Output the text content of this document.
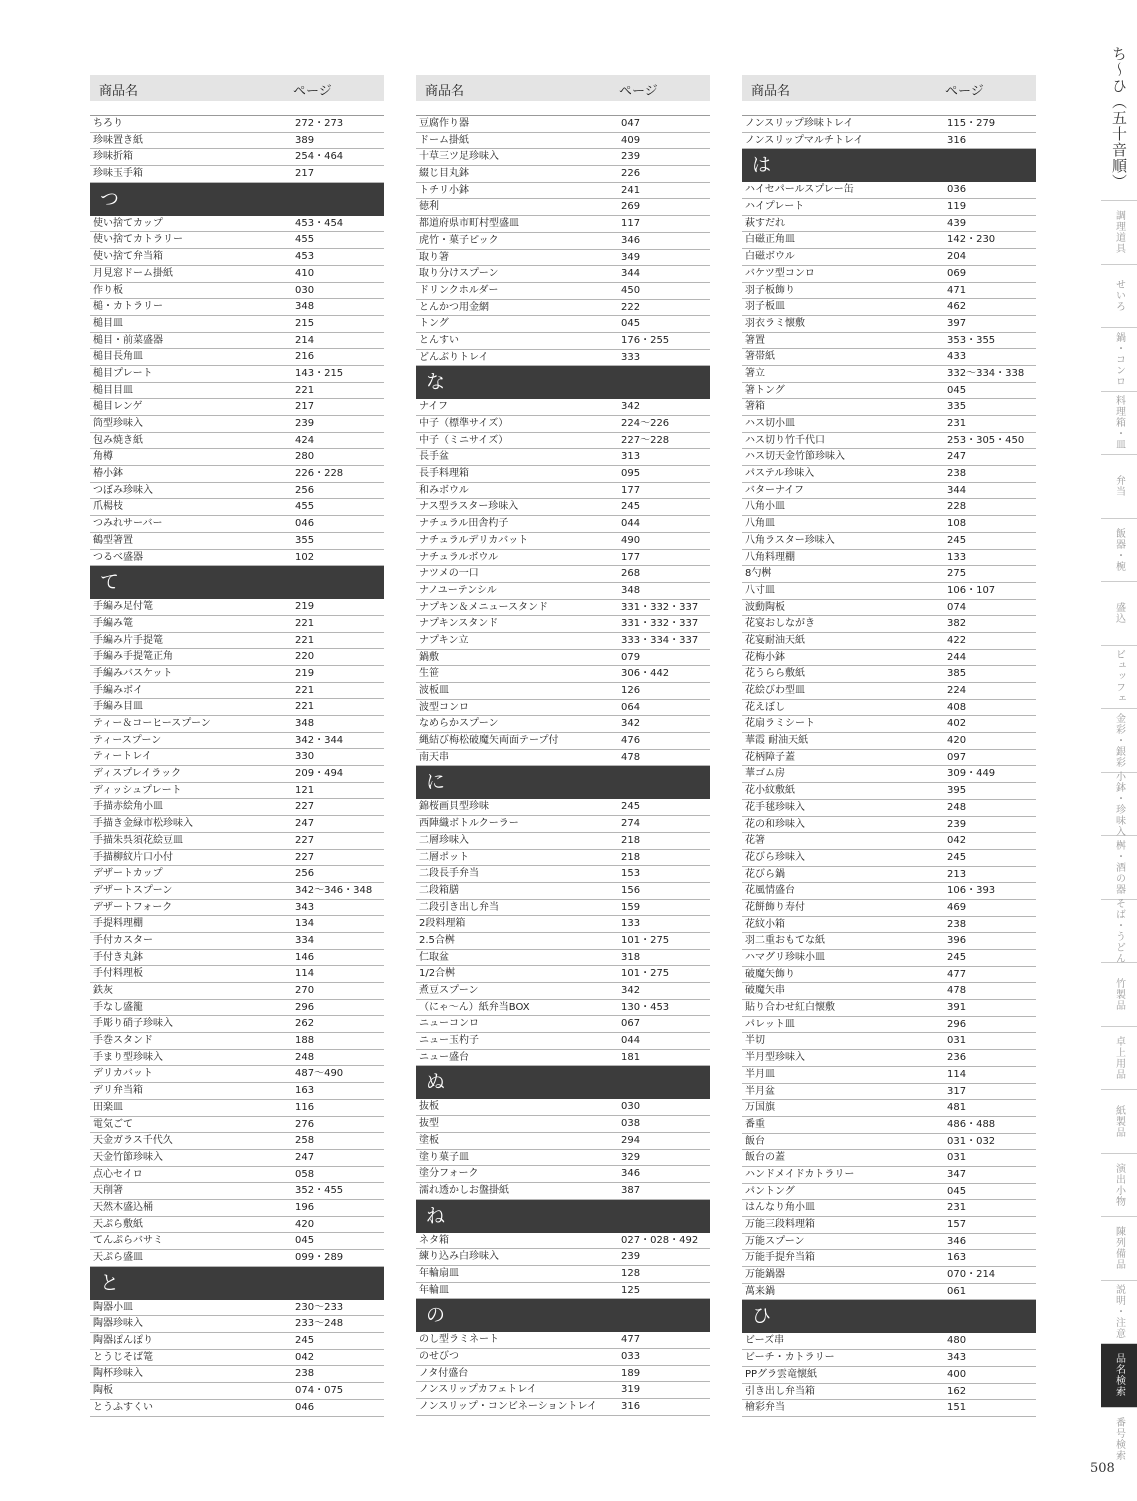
商品名	ページ
ちろり	272・273
珍味置き紙	389
珍味折箱	254・464
珍味玉手箱	217
つ
使い捨てカップ	453・454
使い捨てカトラリー	455
使い捨て弁当箱	453
月見窓ドーム掛紙	410
作り板	030
槌・カトラリー	348
槌目皿	215
槌目・前菜盛器	214
槌目長角皿	216
槌目プレート	143・215
槌目目皿	221
槌目レンゲ	217
筒型珍味入	239
包み焼き紙	424
角樽	280
椿小鉢	226・228
つぼみ珍味入	256
爪楊枝	455
つみれサーバー	046
鶴型箸置	355
つるべ盛器	102
て
手編み足付篭	219
手編み篭	221
手編み片手提篭	221
手編み手提篭正角	220
手編みバスケット	219
手編みボイ	221
手編み目皿	221
ティー＆コーヒースプーン	348
ティースプーン	342・344
ティートレイ	330
ディスプレイラック	209・494
ディッシュプレート	121
手描赤絵角小皿	227
手描き金緑市松珍味入	247
手描朱呉須花絵豆皿	227
手描柳紋片口小付	227
デザートカップ	256
デザートスプーン	342〜346・348
デザートフォーク	343
手提料理棚	134
手付カスター	334
手付き丸鉢	146
手付料理板	114
鉄灰	270
手なし盛籠	296
手彫り硝子珍味入	262
手巻スタンド	188
手まり型珍味入	248
デリカバット	487〜490
デリ弁当箱	163
田楽皿	116
電気ごて	276
天金ガラス千代久	258
天金竹節珍味入	247
点心セイロ	058
天削箸	352・455
天然木盛込桶	196
天ぷら敷紙	420
てんぷらバサミ	045
天ぷら盛皿	099・289
と
陶器小皿	230〜233
陶器珍味入	233〜248
陶器ぽんぽり	245
とうじそば篭	042
陶杯珍味入	238
陶板	074・075
とうふすくい	046
商品名	ページ
豆腐作り器	047
ドーム掛紙	409
十草三ツ足珍味入	239
綴じ目丸鉢	226
トチリ小鉢	241
徳利	269
都道府県市町村型盛皿	117
虎竹・菓子ピック	346
取り箸	349
取り分けスプーン	344
ドリンクホルダー	450
とんかつ用金網	222
トング	045
とんすい	176・255
どんぶりトレイ	333
な
ナイフ	342
中子（標準サイズ）	224〜226
中子（ミニサイズ）	227〜228
長手盆	313
長手料理箱	095
和みボウル	177
ナス型ラスター珍味入	245
ナチュラル田舎杓子	044
ナチュラルデリカバット	490
ナチュラルボウル	177
ナツメの一口	268
ナノユーテンシル	348
ナプキン＆メニュースタンド	331・332・337
ナプキンスタンド	331・332・337
ナプキン立	333・334・337
鍋敷	079
生笹	306・442
波板皿	126
波型コンロ	064
なめらかスプーン	342
縄結び梅松破魔矢両面テープ付	476
南天串	478
に
錦桜画貝型珍味	245
西陣織ボトルクーラー	274
二層珍味入	218
二層ポット	218
二段長手弁当	153
二段箱膳	156
二段引き出し弁当	159
2段料理箱	133
2.5合桝	101・275
仁取盆	318
1/2合桝	101・275
煮豆スプーン	342
（にゃ〜ん）紙弁当BOX	130・453
ニューコンロ	067
ニュー玉杓子	044
ニュー盛台	181
ぬ
抜板	030
抜型	038
塗板	294
塗り菓子皿	329
塗分フォーク	346
濡れ透かしお盤掛紙	387
ね
ネタ箱	027・028・492
練り込み白珍味入	239
年輪扇皿	128
年輪皿	125
の
のし型ラミネート	477
のせびつ	033
ノタ付盛台	189
ノンスリップカフェトレイ	319
ノンスリップ・コンビネーショントレイ 316
商品名	ページ
ノンスリップ珍味トレイ	115・279
ノンスリップマルチトレイ	316
は
ハイセパールスプレー缶	036
ハイプレート	119
萩すだれ	439
白磁正角皿	142・230
白磁ボウル	204
バケツ型コンロ	069
羽子板飾り	471
羽子板皿	462
羽衣ラミ懐敷	397
箸置	353・355
箸帯紙	433
箸立	332〜334・338
箸トング	045
箸箱	335
ハス切小皿	231
ハス切り竹千代口	253・305・450
ハス切天金竹節珍味入	247
パステル珍味入	238
バターナイフ	344
八角小皿	228
八角皿	108
八角ラスター珍味入	245
八角料理棚	133
8勺桝	275
八寸皿	106・107
波動陶板	074
花宴おしながき	382
花宴耐油天紙	422
花梅小鉢	244
花うらら敷紙	385
花絵びわ型皿	224
花えぼし	408
花扇ラミシート	402
華霞 耐油天紙	420
花柄障子蓋	097
華ゴム房	309・449
花小紋敷紙	395
花手毬珍味入	248
花の和珍味入	239
花箸	042
花びら珍味入	245
花びら鍋	213
花風情盛台	106・393
花餅飾り寿付	469
花紋小箱	238
羽二重おもてな紙	396
ハマグリ珍味小皿	245
破魔矢飾り	477
破魔矢串	478
貼り合わせ紅白懐敷	391
パレット皿	296
半切	031
半月型珍味入	236
半月皿	114
半月盆	317
万国旗	481
番重	486・488
飯台	031・032
飯台の蓋	031
ハンドメイドカトラリー	347
パントング	045
はんなり角小皿	231
万能三段料理箱	157
万能スプーン	346
万能手提弁当箱	163
万能鍋器	070・214
萬来鍋	061
ひ
ビーズ串	480
ビーチ・カトラリー	343
PPグラ雲竜懐紙	400
引き出し弁当箱	162
檜彩弁当	151
ち〜ひ（五十音順）
調理道具
せいろ
鍋・コンロ
料理箱・皿
弁当
飯器・椀
盛込
ビュッフェ
金彩・銀彩
小鉢・珍味入
桝・酒の器
そば・うどん
竹製品
卓上用品
紙製品
演出小物
陳列備品
説明・注意
品名検索
番号検索
508
